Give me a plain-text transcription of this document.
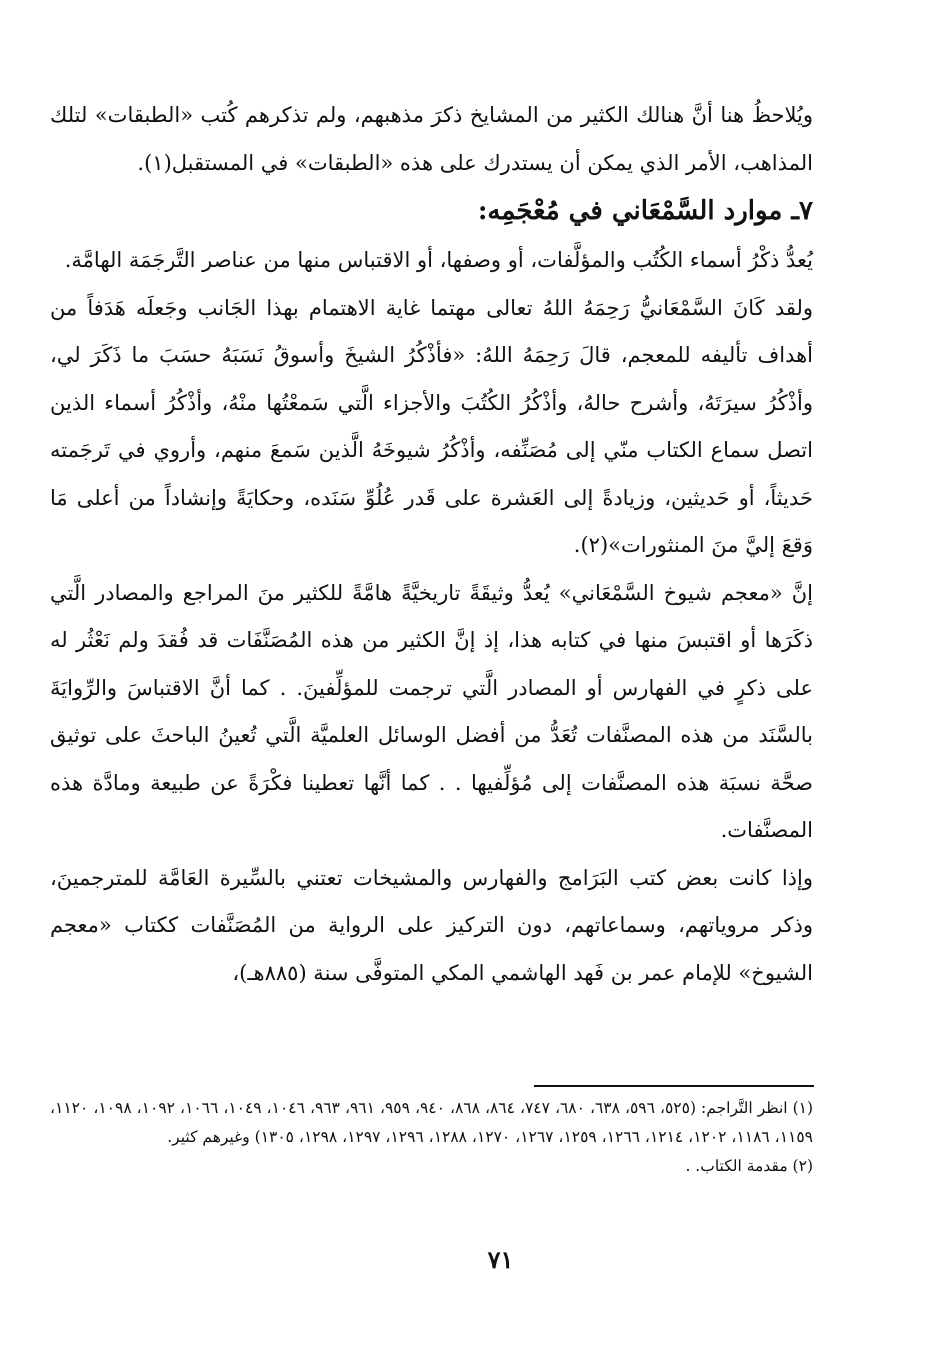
ويُلاحظُ هنا أنَّ هنالك الكثير من المشايخ ذكرَ مذهبهم، ولم تذكرهم كُتب «الطبقات» لتلك المذاهب، الأمر الذي يمكن أن يستدرك على هذه «الطبقات» في المستقبل(١).

٧ـ موارد السَّمْعَاني في مُعْجَمِه:

يُعدُّ ذكْرُ أسماء الكُتُب والمؤلَّفات، أو وصفها، أو الاقتباس منها من عناصر التَّرجَمَة الهامَّة.

ولقد كَانَ السَّمْعَانيُّ رَحِمَهُ اللهُ تعالى مهتما غاية الاهتمام بهذا الجَانب وجَعلَه هَدَفاً من أهداف تأليفه للمعجم، قالَ رَحِمَهُ اللهُ: «فأذْكُرُ الشيخَ وأسوقُ نَسَبَهُ حسَبَ ما ذَكَرَ لي، وأذْكُرُ سيرَتَهُ، وأشرح حالهُ، وأذْكُرُ الكُتُبَ والأجزاء الَّتي سَمعْتُها منْهُ، وأذْكُرُ أسماء الذين اتصل سماع الكتاب منّي إلى مُصَنِّفه، وأذْكُرُ شيوخَهُ الَّذين سَمعَ منهم، وأروي في تَرجَمته حَديثاً، أو حَديثين، وزيادةً إلى العَشرة على قَدر عُلُوِّ سَنَده، وحكايَةً وإنشاداً من أعلى مَا وَقعَ إليَّ منَ المنثورات»(٢).

إنَّ «معجم شيوخ السَّمْعَاني» يُعدُّ وثيقَةً تاريخيَّةً هامَّةً للكثير منَ المراجع والمصادر الَّتي ذكَرَها أو اقتبسَ منها في كتابه هذا، إذ إنَّ الكثير من هذه المُصَنَّفَات قد فُقدَ ولم نَعْثُر له على ذكرٍ في الفهارس أو المصادر الَّتي ترجمت للمؤلِّفينَ. . كما أنَّ الاقتباسَ والرِّوايَةَ بالسَّنَد من هذه المصنَّفات تُعَدُّ من أفضل الوسائل العلميَّة الَّتي تُعينُ الباحثَ على توثيق صحَّة نسبَة هذه المصنَّفات إلى مُؤلِّفيها . . كما أنَّها تعطينا فكْرَةً عن طبيعة ومادَّة هذه المصنَّفات.

وإذا كانت بعض كتب البَرَامج والفهارس والمشيخات تعتني بالسِّيرة العَامَّة للمترجمينَ، وذكر مروياتهم، وسماعاتهم، دون التركيز على الرواية من المُصَنَّفات ككتاب «معجم الشيوخ» للإمام عمر بن فَهد الهاشمي المكي المتوفَّى سنة (٨٨٥هـ)،

(١) انظر التَّراجم: (٥٢٥، ٥٩٦، ٦٣٨، ٦٨٠، ٧٤٧، ٨٦٤، ٨٦٨، ٩٤٠، ٩٥٩، ٩٦١، ٩٦٣، ١٠٤٦، ١٠٤٩، ١٠٦٦، ١٠٩٢، ١٠٩٨، ١١٢٠، ١١٥٩، ١١٨٦، ١٢٠٢، ١٢١٤، ١٢٦٦، ١٢٥٩، ١٢٦٧، ١٢٧٠، ١٢٨٨، ١٢٩٦، ١٢٩٧، ١٢٩٨، ١٣٠٥) وغيرهم كثير.

(٢) مقدمة الكتاب. .

٧١
